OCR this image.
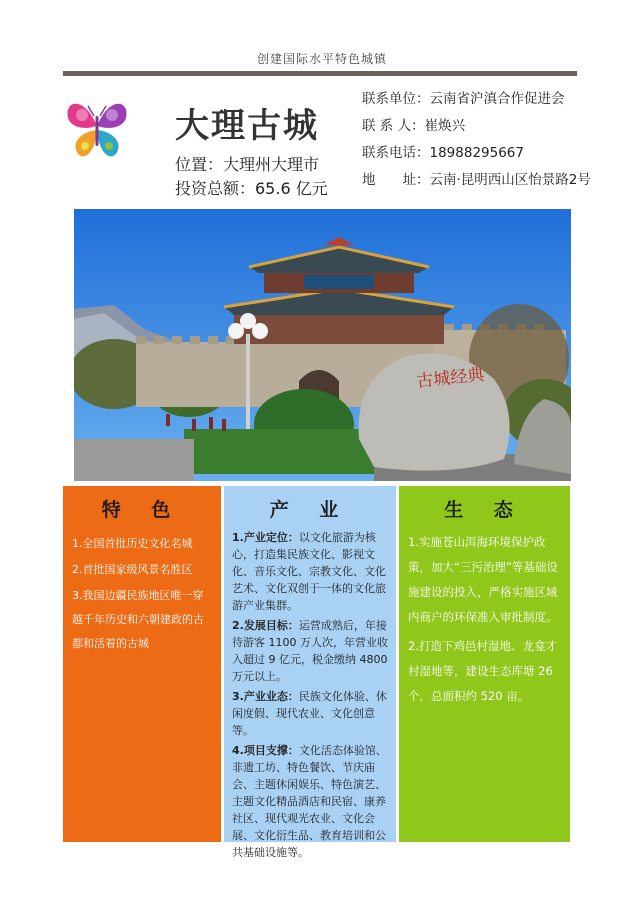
创建国际水平特色城镇
大理古城
位置：大理州大理市
投资总额：65.6 亿元
联系单位：云南省沪滇合作促进会
联 系 人：崔焕兴
联系电话：18988295667
地　　址：云南·昆明西山区怡景路2号
古城经典
特 色

1.全国首批历史文化名城

2.首批国家级风景名胜区

3.我国边疆民族地区唯一穿越千年历史和六朝建政的古都和活着的古城

产 业

1.产业定位：以文化旅游为核心，打造集民族文化、影视文化、音乐文化、宗教文化、文化艺术、文化双创于一体的文化旅游产业集群。

2.发展目标：运营成熟后，年接待游客 1100 万人次，年营业收入超过 9 亿元，税金缴纳 4800 万元以上。

3.产业业态：民族文化体验、休闲度假、现代农业、文化创意等。

4.项目支撑：文化活态体验馆、非遗工坊、特色餐饮、节庆庙会、主题休闲娱乐、特色演艺、主题文化精品酒店和民宿、康养社区、现代观光农业、文化会展、文化衍生品、教育培训和公共基础设施等。

生 态

1.实施苍山洱海环境保护政策，加大“三污治理”等基础设施建设的投入，严格实施区域内商户的环保准入审批制度。

2.打造下鸡邑村湿地、龙龛才村湿地等，建设生态库塘 26 个，总面积约 520 亩。
